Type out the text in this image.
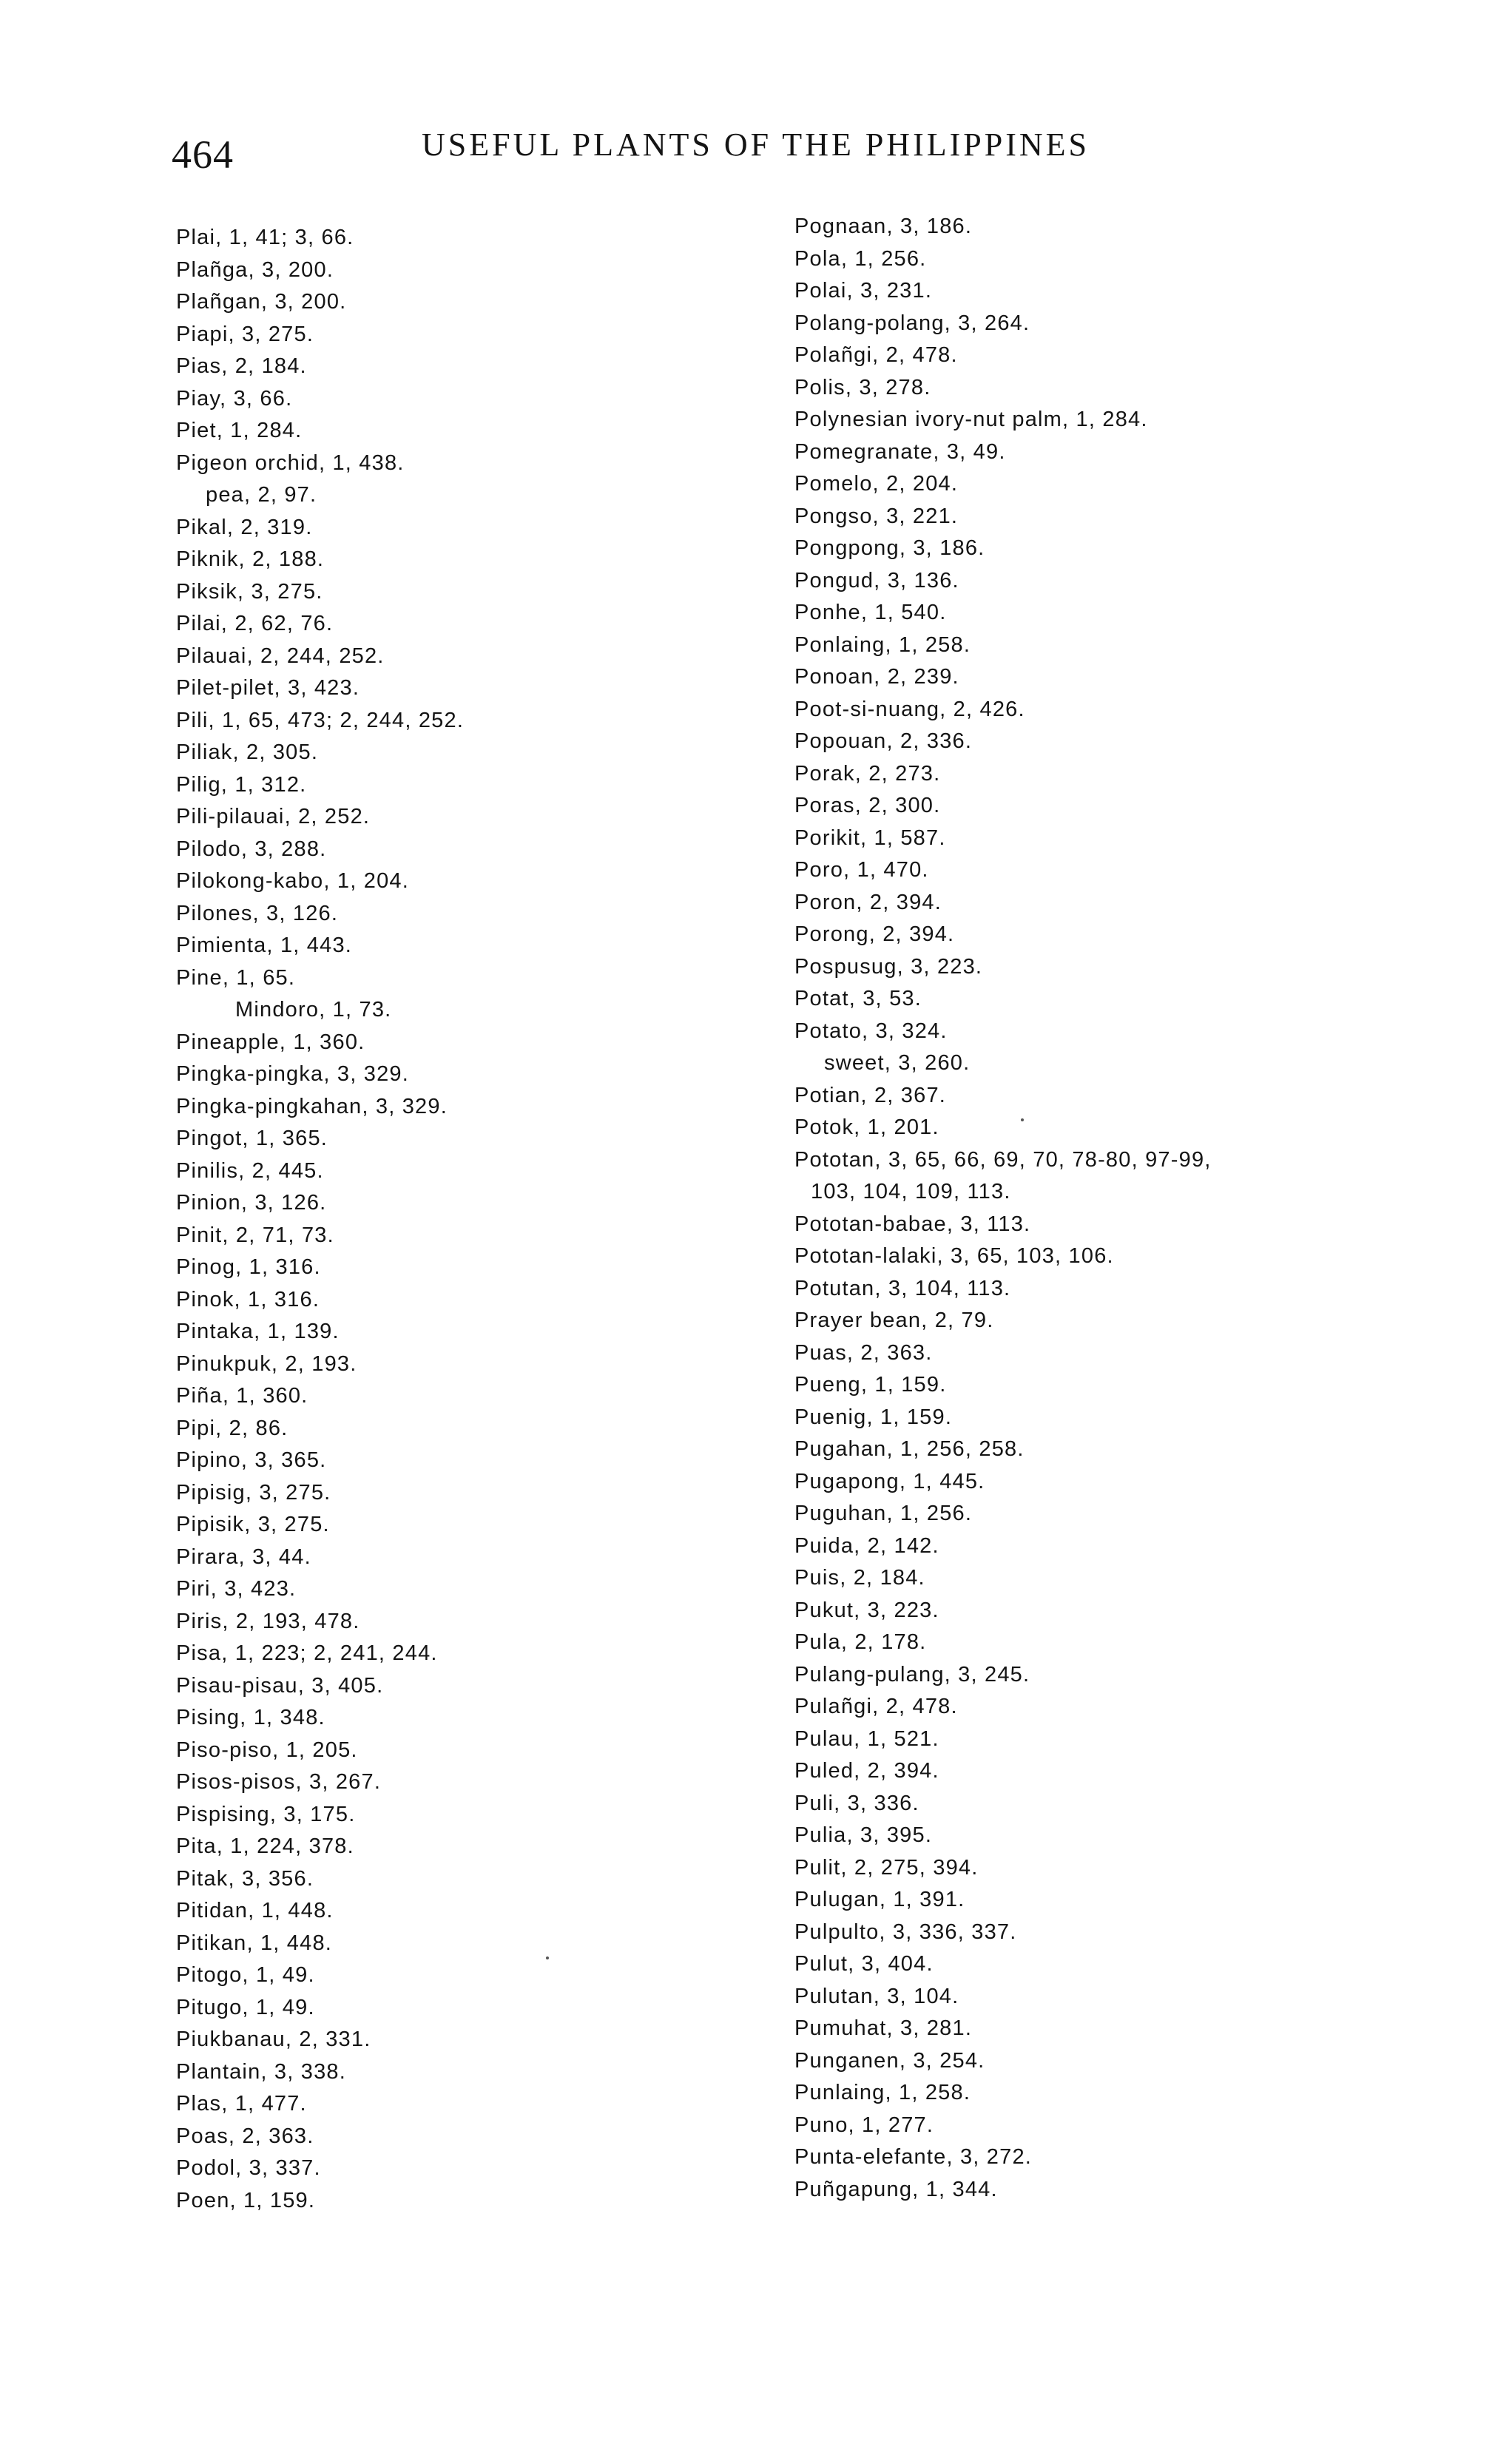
464	USEFUL PLANTS OF THE PHILIPPINES
Plai, 1, 41; 3, 66.
Plañga, 3, 200.
Plañgan, 3, 200.
Piapi, 3, 275.
Pias, 2, 184.
Piay, 3, 66.
Piet, 1, 284.
Pigeon orchid, 1, 438.
pea, 2, 97.
Pikal, 2, 319.
Piknik, 2, 188.
Piksik, 3, 275.
Pilai, 2, 62, 76.
Pilauai, 2, 244, 252.
Pilet-pilet, 3, 423.
Pili, 1, 65, 473; 2, 244, 252.
Piliak, 2, 305.
Pilig, 1, 312.
Pili-pilauai, 2, 252.
Pilodo, 3, 288.
Pilokong-kabo, 1, 204.
Pilones, 3, 126.
Pimienta, 1, 443.
Pine, 1, 65.
Mindoro, 1, 73.
Pineapple, 1, 360.
Pingka-pingka, 3, 329.
Pingka-pingkahan, 3, 329.
Pingot, 1, 365.
Pinilis, 2, 445.
Pinion, 3, 126.
Pinit, 2, 71, 73.
Pinog, 1, 316.
Pinok, 1, 316.
Pintaka, 1, 139.
Pinukpuk, 2, 193.
Piña, 1, 360.
Pipi, 2, 86.
Pipino, 3, 365.
Pipisig, 3, 275.
Pipisik, 3, 275.
Pirara, 3, 44.
Piri, 3, 423.
Piris, 2, 193, 478.
Pisa, 1, 223; 2, 241, 244.
Pisau-pisau, 3, 405.
Pising, 1, 348.
Piso-piso, 1, 205.
Pisos-pisos, 3, 267.
Pispising, 3, 175.
Pita, 1, 224, 378.
Pitak, 3, 356.
Pitidan, 1, 448.
Pitikan, 1, 448.
Pitogo, 1, 49.
Pitugo, 1, 49.
Piukbanau, 2, 331.
Plantain, 3, 338.
Plas, 1, 477.
Poas, 2, 363.
Podol, 3, 337.
Poen, 1, 159.
Pognaan, 3, 186.
Pola, 1, 256.
Polai, 3, 231.
Polang-polang, 3, 264.
Polañgi, 2, 478.
Polis, 3, 278.
Polynesian ivory-nut palm, 1, 284.
Pomegranate, 3, 49.
Pomelo, 2, 204.
Pongso, 3, 221.
Pongpong, 3, 186.
Pongud, 3, 136.
Ponhe, 1, 540.
Ponlaing, 1, 258.
Ponoan, 2, 239.
Poot-si-nuang, 2, 426.
Popouan, 2, 336.
Porak, 2, 273.
Poras, 2, 300.
Porikit, 1, 587.
Poro, 1, 470.
Poron, 2, 394.
Porong, 2, 394.
Pospusug, 3, 223.
Potat, 3, 53.
Potato, 3, 324.
sweet, 3, 260.
Potian, 2, 367.
Potok, 1, 201.
Pototan, 3, 65, 66, 69, 70, 78-80, 97-99,
103, 104, 109, 113.
Pototan-babae, 3, 113.
Pototan-lalaki, 3, 65, 103, 106.
Potutan, 3, 104, 113.
Prayer bean, 2, 79.
Puas, 2, 363.
Pueng, 1, 159.
Puenig, 1, 159.
Pugahan, 1, 256, 258.
Pugapong, 1, 445.
Puguhan, 1, 256.
Puida, 2, 142.
Puis, 2, 184.
Pukut, 3, 223.
Pula, 2, 178.
Pulang-pulang, 3, 245.
Pulañgi, 2, 478.
Pulau, 1, 521.
Puled, 2, 394.
Puli, 3, 336.
Pulia, 3, 395.
Pulit, 2, 275, 394.
Pulugan, 1, 391.
Pulpulto, 3, 336, 337.
Pulut, 3, 404.
Pulutan, 3, 104.
Pumuhat, 3, 281.
Punganen, 3, 254.
Punlaing, 1, 258.
Puno, 1, 277.
Punta-elefante, 3, 272.
Puñgapung, 1, 344.
